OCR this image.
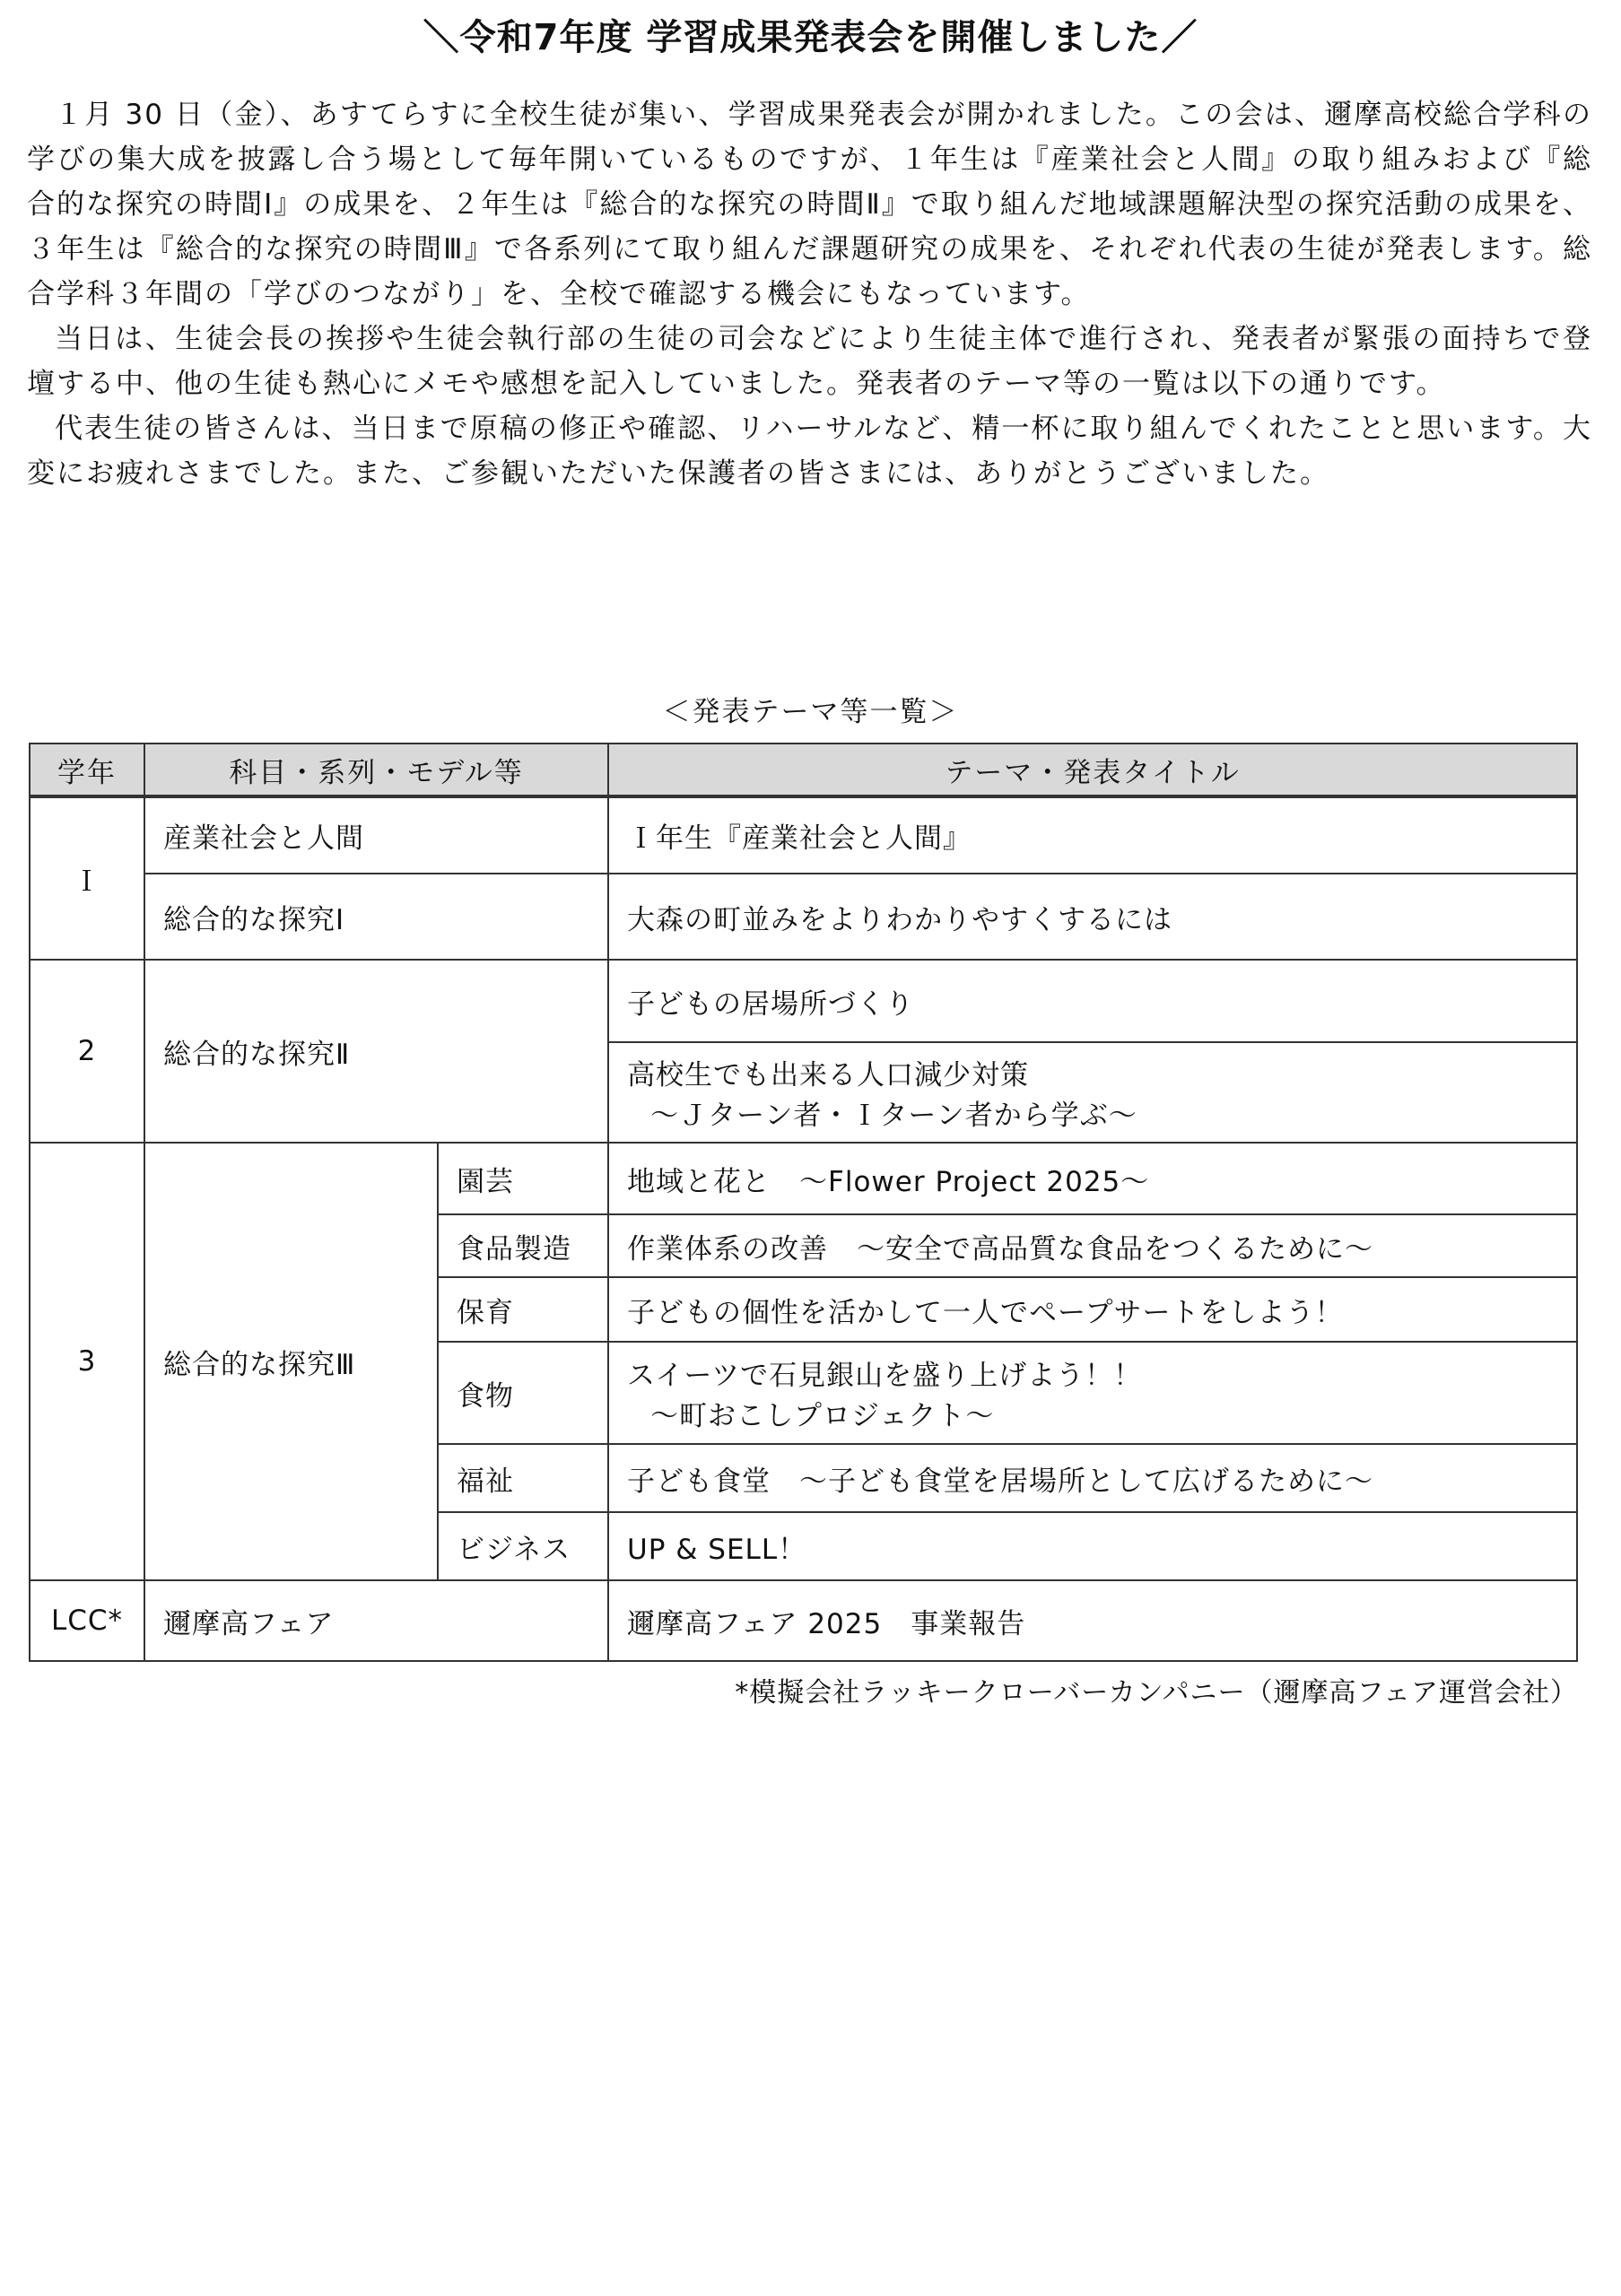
＼令和7年度 学習成果発表会を開催しました／

１月 30 日（金）、あすてらすに全校生徒が集い、学習成果発表会が開かれました。この会は、邇摩高校総合学科の学びの集大成を披露し合う場として毎年開いているものですが、１年生は『産業社会と人間』の取り組みおよび『総合的な探究の時間Ⅰ』の成果を、２年生は『総合的な探究の時間Ⅱ』で取り組んだ地域課題解決型の探究活動の成果を、３年生は『総合的な探究の時間Ⅲ』で各系列にて取り組んだ課題研究の成果を、それぞれ代表の生徒が発表します。総合学科３年間の「学びのつながり」を、全校で確認する機会にもなっています。

当日は、生徒会長の挨拶や生徒会執行部の生徒の司会などにより生徒主体で進行され、発表者が緊張の面持ちで登壇する中、他の生徒も熱心にメモや感想を記入していました。発表者のテーマ等の一覧は以下の通りです。

代表生徒の皆さんは、当日まで原稿の修正や確認、リハーサルなど、精一杯に取り組んでくれたことと思います。大変にお疲れさまでした。また、ご参観いただいた保護者の皆さまには、ありがとうございました。

＜発表テーマ等一覧＞
学年	科目・系列・モデル等		テーマ・発表タイトル
Ｉ	産業社会と人間		Ｉ年生『産業社会と人間』
	総合的な探究Ⅰ		大森の町並みをよりわかりやすくするには
2	総合的な探究Ⅱ		子どもの居場所づくり
			高校生でも出来る人口減少対策
～Ｊターン者・Ｉターン者から学ぶ～

3	総合的な探究Ⅲ	園芸	地域と花と　～Flower Project 2025～
		食品製造	作業体系の改善　～安全で高品質な食品をつくるために～
		保育	子どもの個性を活かして一人でペープサートをしよう！
		食物	スイーツで石見銀山を盛り上げよう！！
～町おこしプロジェクト～

		福祉	子ども食堂　～子ども食堂を居場所として広げるために～
		ビジネス	UP & SELL！
LCC*	邇摩高フェア		邇摩高フェア 2025　事業報告
*模擬会社ラッキークローバーカンパニー（邇摩高フェア運営会社）
